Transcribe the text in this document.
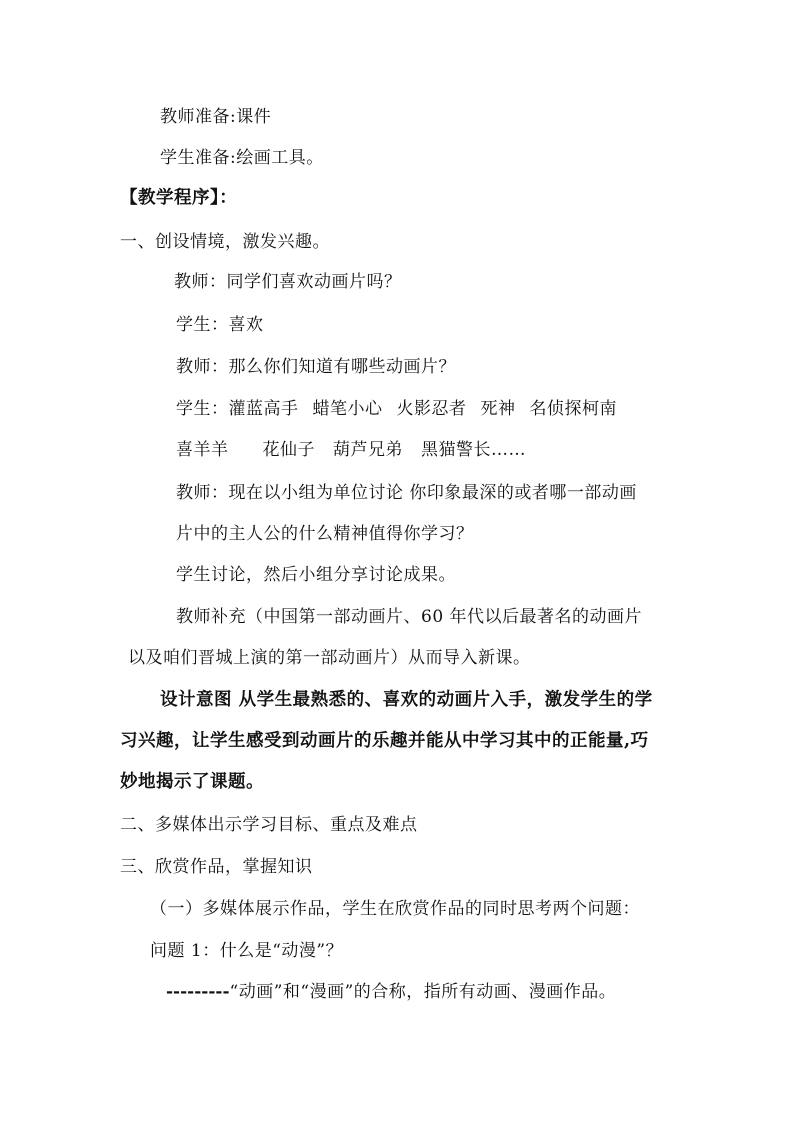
教师准备:课件
学生准备:绘画工具。
【教学程序】：
一、创设情境，激发兴趣。
教师：同学们喜欢动画片吗？
学生：喜欢
教师：那么你们知道有哪些动画片？
学生：灌蓝高手 蜡笔小心 火影忍者 死神 名侦探柯南
喜羊羊 花仙子 葫芦兄弟 黑猫警长……
教师：现在以小组为单位讨论 你印象最深的或者哪一部动画
片中的主人公的什么精神值得你学习？
学生讨论，然后小组分享讨论成果。
教师补充（中国第一部动画片、60 年代以后最著名的动画片
以及咱们晋城上演的第一部动画片）从而导入新课。
设计意图 从学生最熟悉的、喜欢的动画片入手，激发学生的学
习兴趣，让学生感受到动画片的乐趣并能从中学习其中的正能量,巧
妙地揭示了课题。
二、多媒体出示学习目标、重点及难点
三、欣赏作品，掌握知识
（一）多媒体展示作品，学生在欣赏作品的同时思考两个问题：
问题 1：什么是“动漫”？
---------“动画”和“漫画”的合称，指所有动画、漫画作品。
